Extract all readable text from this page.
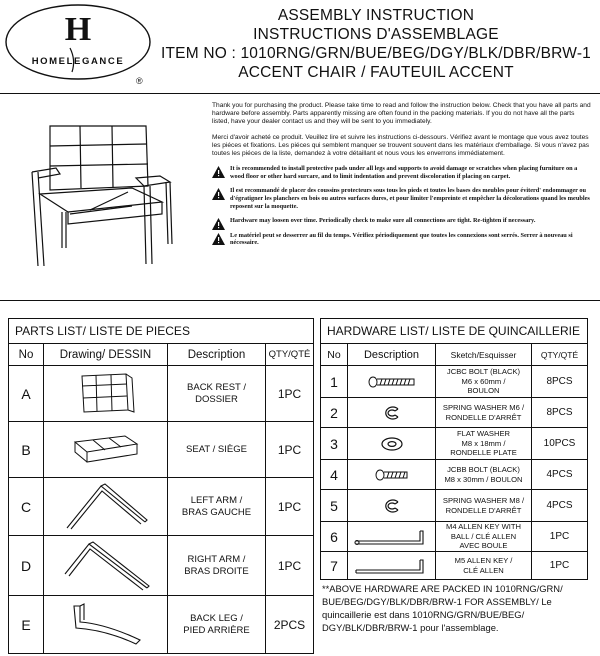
H
HOMELEGANCE
®
ASSEMBLY INSTRUCTION
INSTRUCTIONS D'ASSEMBLAGE
ITEM NO : 1010RNG/GRN/BUE/BEG/DGY/BLK/DBR/BRW-1
ACCENT CHAIR / FAUTEUIL ACCENT

Thank you for purchasing the product. Please take time to read and follow the instruction below. Check that you have all parts and hardware before assembly. Parts apparently missing are often found in the packing materials. If you do not have all the parts listed, have your dealer contact us and they will be sent to you immediately.

Merci d'avoir acheté ce produit. Veuillez lire et suivre les instructions ci-dessours. Vérifiez avant le montage que vous avez toutes les piéces et fixations. Les piéces qui semblent manquer se trouvent souvent dans les matériaux d'emballage. Si vous n'avez pas toutes les piéces de la liste, demandez à votre détaillant et nous vous les enverrons immédiatement.

It is recommended to install protective pads under all legs and supports to avoid damage or scratches when placing furniture on a wood floor or other hard surcare, and to limit indentation and prevent discoloration if placing on carpet.
Il est recommandé de placer des coussins protecteurs sous tous les pieds et toutes les bases des meubles pour éviterd' endommager ou d'égratigner les planchers en bois ou autres surfaces dures, et pour limiter l'empreinte et empêcher la décolorations quand les meubles reposent sur la moquette.
Hardware may loosen over time. Periodically check to make sure all connections are tight. Re-tighten if necessary.
Le matériel peut se desserrer au fil du temps. Vérifiez périodiquement que toutes les connexions sont serrés. Serrer à nouveau si nécessaire.
PARTS LIST/ LISTE DE PIECES
No	Drawing/ DESSIN	Description	QTY/QTÉ
A	BACK REST /
DOSSIER	1PC
B	SEAT / SIÈGE	1PC
C	LEFT ARM /
BRAS GAUCHE	1PC
D	RIGHT ARM /
BRAS DROITE	1PC
E	BACK LEG /
PIED ARRIÈRE	2PCS
HARDWARE LIST/ LISTE DE QUINCAILLERIE
No	Description	Sketch/Esquisser	QTY/QTÉ
1
JCBC BOLT (BLACK)
M6 x 60mm /
BOULON
8PCS
2	SPRING WASHER M6 /
RONDELLE D'ARRÊT	8PCS
3
FLAT WASHER
M8 x 18mm /
RONDELLE PLATE
10PCS
4	JCBB BOLT (BLACK)
M8 x 30mm / BOULON	4PCS
5	SPRING WASHER M8 /
RONDELLE D'ARRÊT	4PCS
6
M4 ALLEN KEY WITH
BALL / CLÉ ALLEN
AVEC BOULE
1PC
7	M5 ALLEN KEY /
CLÉ ALLEN	1PC
**ABOVE HARDWARE ARE PACKED IN 1010RNG/GRN/ BUE/BEG/DGY/BLK/DBR/BRW-1 FOR ASSEMBLY/ Le quincaillerie est dans 1010RNG/GRN/BUE/BEG/ DGY/BLK/DBR/BRW-1 pour l'assemblage.
